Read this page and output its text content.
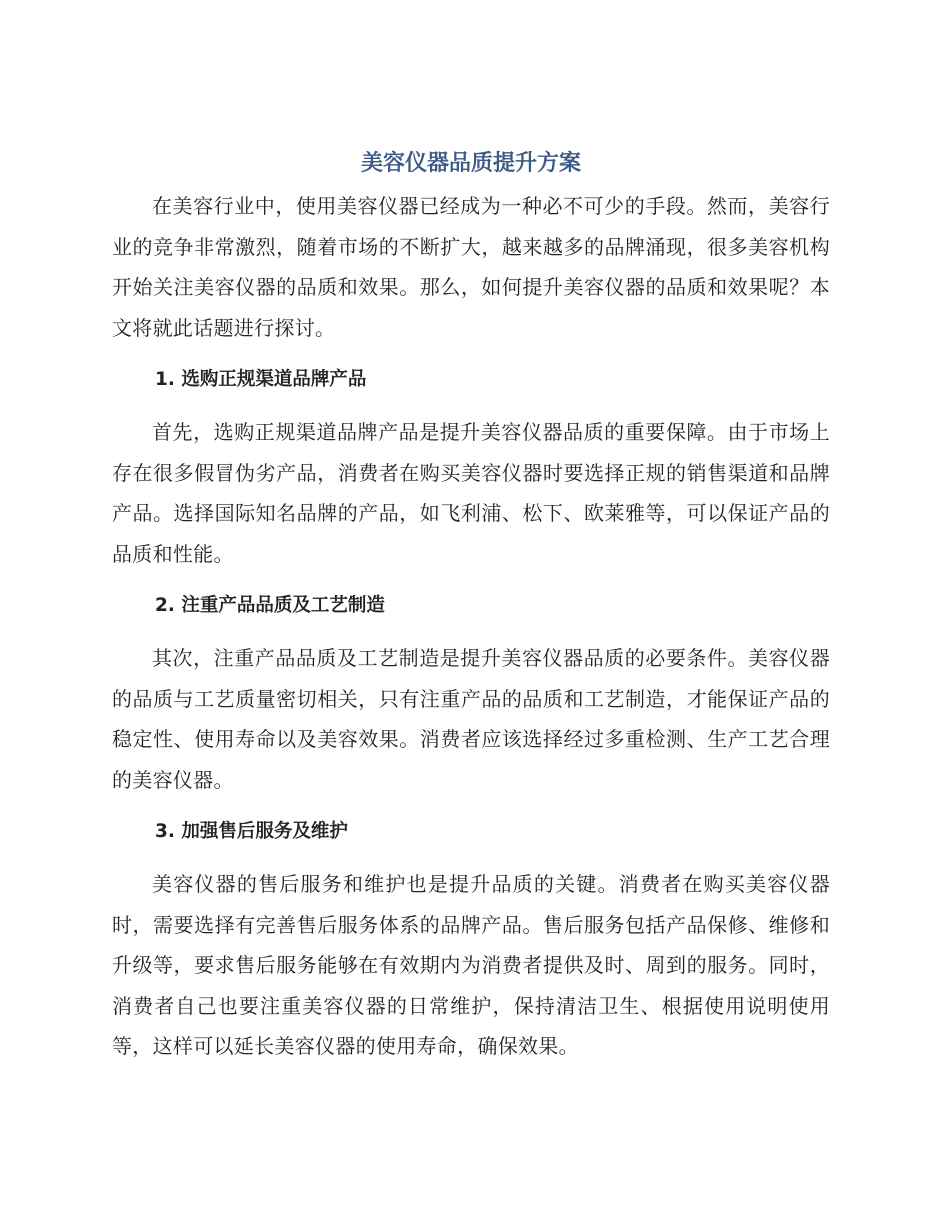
美容仪器品质提升方案

在美容行业中，使用美容仪器已经成为一种必不可少的手段。然而，美容行业的竞争非常激烈，随着市场的不断扩大，越来越多的品牌涌现，很多美容机构开始关注美容仪器的品质和效果。那么，如何提升美容仪器的品质和效果呢？本文将就此话题进行探讨。

1. 选购正规渠道品牌产品

首先，选购正规渠道品牌产品是提升美容仪器品质的重要保障。由于市场上存在很多假冒伪劣产品，消费者在购买美容仪器时要选择正规的销售渠道和品牌产品。选择国际知名品牌的产品，如飞利浦、松下、欧莱雅等，可以保证产品的品质和性能。

2. 注重产品品质及工艺制造

其次，注重产品品质及工艺制造是提升美容仪器品质的必要条件。美容仪器的品质与工艺质量密切相关，只有注重产品的品质和工艺制造，才能保证产品的稳定性、使用寿命以及美容效果。消费者应该选择经过多重检测、生产工艺合理的美容仪器。

3. 加强售后服务及维护

美容仪器的售后服务和维护也是提升品质的关键。消费者在购买美容仪器时，需要选择有完善售后服务体系的品牌产品。售后服务包括产品保修、维修和升级等，要求售后服务能够在有效期内为消费者提供及时、周到的服务。同时，消费者自己也要注重美容仪器的日常维护，保持清洁卫生、根据使用说明使用等，这样可以延长美容仪器的使用寿命，确保效果。
